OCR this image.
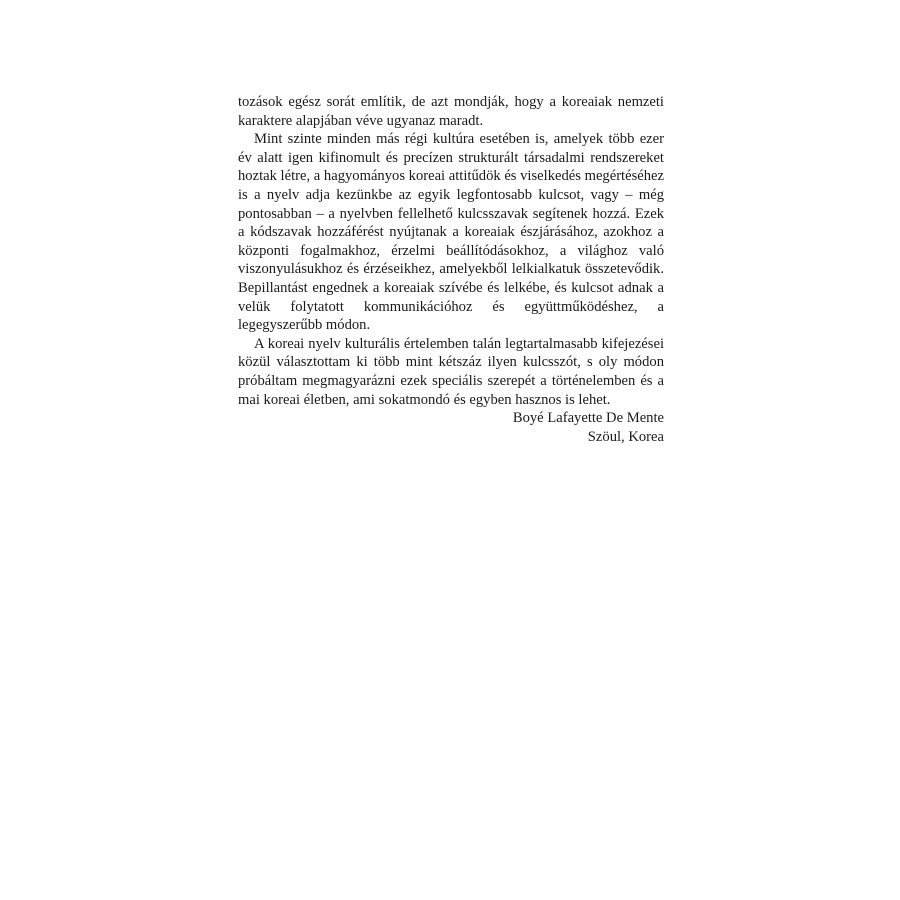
tozások egész sorát említik, de azt mondják, hogy a koreaiak nemzeti karaktere alapjában véve ugyanaz maradt.

Mint szinte minden más régi kultúra esetében is, amelyek több ezer év alatt igen kifinomult és precízen strukturált társadalmi rendszereket hoztak létre, a hagyományos koreai attitűdök és viselkedés megértéséhez is a nyelv adja kezünkbe az egyik legfontosabb kulcsot, vagy – még pontosabban – a nyelvben fellelhető kulcsszavak segítenek hozzá. Ezek a kódszavak hozzáférést nyújtanak a koreaiak észjárásához, azokhoz a központi fogalmakhoz, érzelmi beállítódásokhoz, a világhoz való viszonyulásukhoz és érzéseikhez, amelyekből lelkialkatuk összetevődik. Bepillantást engednek a koreaiak szívébe és lelkébe, és kulcsot adnak a velük folytatott kommunikációhoz és együttműködéshez, a legegyszerűbb módon.

A koreai nyelv kulturális értelemben talán legtartalmasabb kifejezései közül választottam ki több mint kétszáz ilyen kulcsszót, s oly módon próbáltam megmagyarázni ezek speciális szerepét a történelemben és a mai koreai életben, ami sokatmondó és egyben hasznos is lehet.

Boyé Lafayette De Mente
Szöul, Korea
